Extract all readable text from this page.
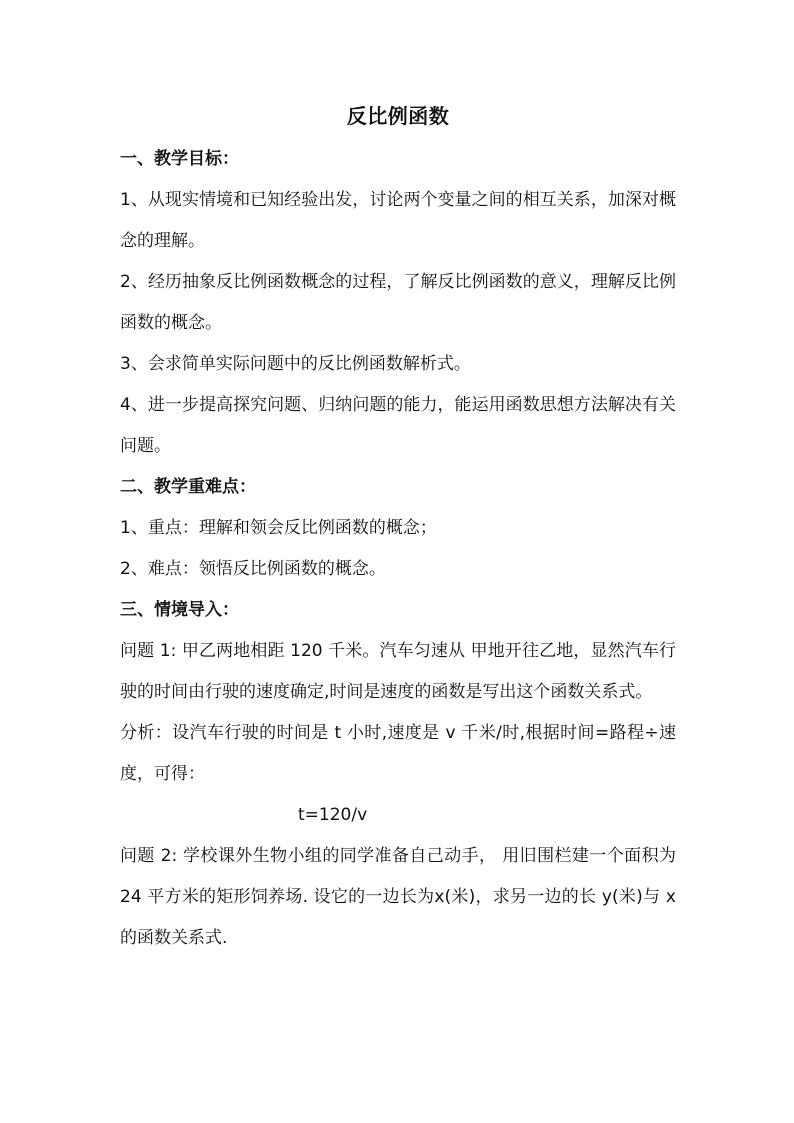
反比例函数
一、教学目标：

1、从现实情境和已知经验出发，讨论两个变量之间的相互关系，加深对概念的理解。

2、经历抽象反比例函数概念的过程，了解反比例函数的意义，理解反比例函数的概念。

3、会求简单实际问题中的反比例函数解析式。

4、进一步提高探究问题、归纳问题的能力，能运用函数思想方法解决有关问题。

二、教学重难点：

1、重点：理解和领会反比例函数的概念；

2、难点：领悟反比例函数的概念。

三、情境导入：

问题 1: 甲乙两地相距 120 千米。汽车匀速从 甲地开往乙地，显然汽车行驶的时间由行驶的速度确定,时间是速度的函数是写出这个函数关系式。

分析：设汽车行驶的时间是 t 小时,速度是 v 千米/时,根据时间=路程÷速度，可得：

t=120/v

问题 2: 学校课外生物小组的同学准备自己动手， 用旧围栏建一个面积为 24 平方米的矩形饲养场. 设它的一边长为x(米)，求另一边的长 y(米)与 x 的函数关系式.
